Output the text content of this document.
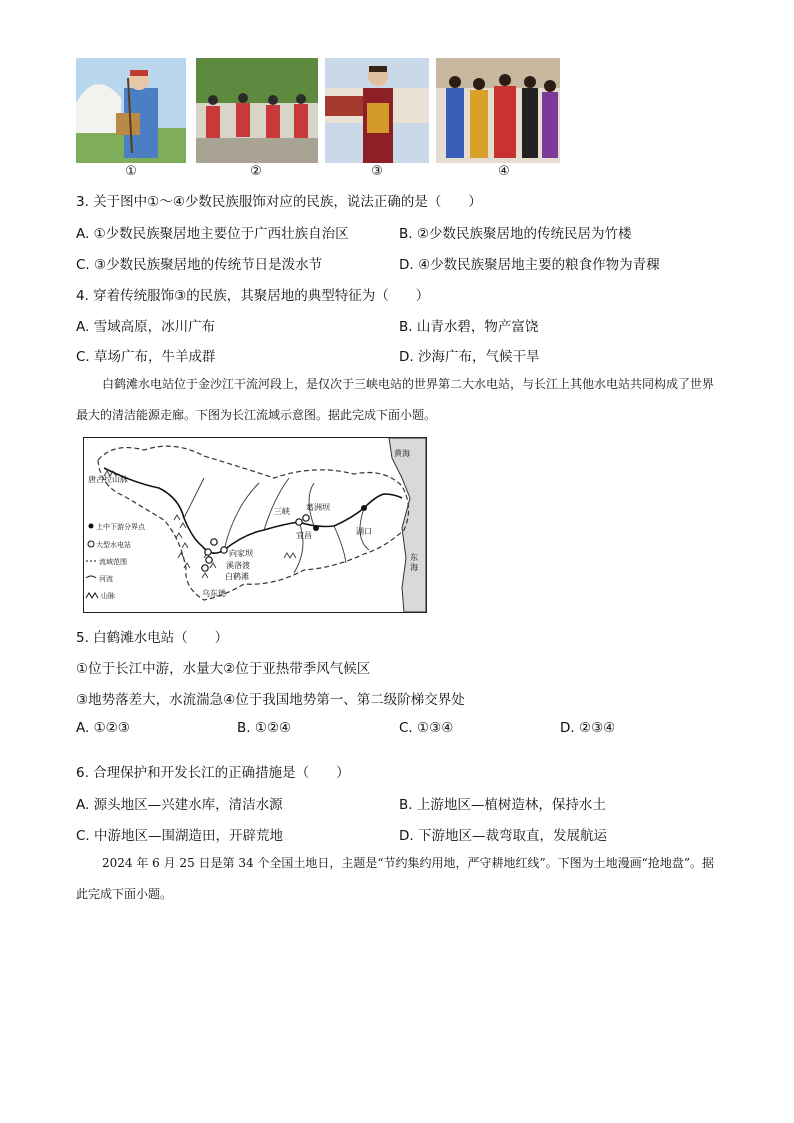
①	②	③	④
3. 关于图中①～④少数民族服饰对应的民族，说法正确的是（　　）
A. ①少数民族聚居地主要位于广西壮族自治区	B. ②少数民族聚居地的传统民居为竹楼
C. ③少数民族聚居地的传统节日是泼水节	D. ④少数民族聚居地主要的粮食作物为青稞
4. 穿着传统服饰③的民族，其聚居地的典型特征为（　　）
A. 雪域高原，冰川广布	B. 山青水碧，物产富饶
C. 草场广布，牛羊成群	D. 沙海广布，气候干旱
白鹤滩水电站位于金沙江干流河段上，是仅次于三峡电站的世界第二大水电站，与长江上其他水电站共同构成了世界最大的清洁能源走廊。下图为长江流域示意图。据此完成下面小题。
唐古拉山脉
三峡 葛洲坝
宜昌	湖口
向家坝
溪洛渡
白鹤滩
乌东德
黄海
东海
上中下游分界点
大型水电站
流域范围
河流
山脉
5. 白鹤滩水电站（　　）
①位于长江中游，水量大②位于亚热带季风气候区
③地势落差大，水流湍急④位于我国地势第一、第二级阶梯交界处
A. ①②③	B. ①②④	C. ①③④	D. ②③④
6. 合理保护和开发长江的正确措施是（　　）
A. 源头地区—兴建水库，清洁水源	B. 上游地区—植树造林，保持水土
C. 中游地区—围湖造田，开辟荒地	D. 下游地区—裁弯取直，发展航运
2024 年 6 月 25 日是第 34 个全国土地日，主题是“节约集约用地，严守耕地红线”。下图为土地漫画“抢地盘”。据此完成下面小题。
